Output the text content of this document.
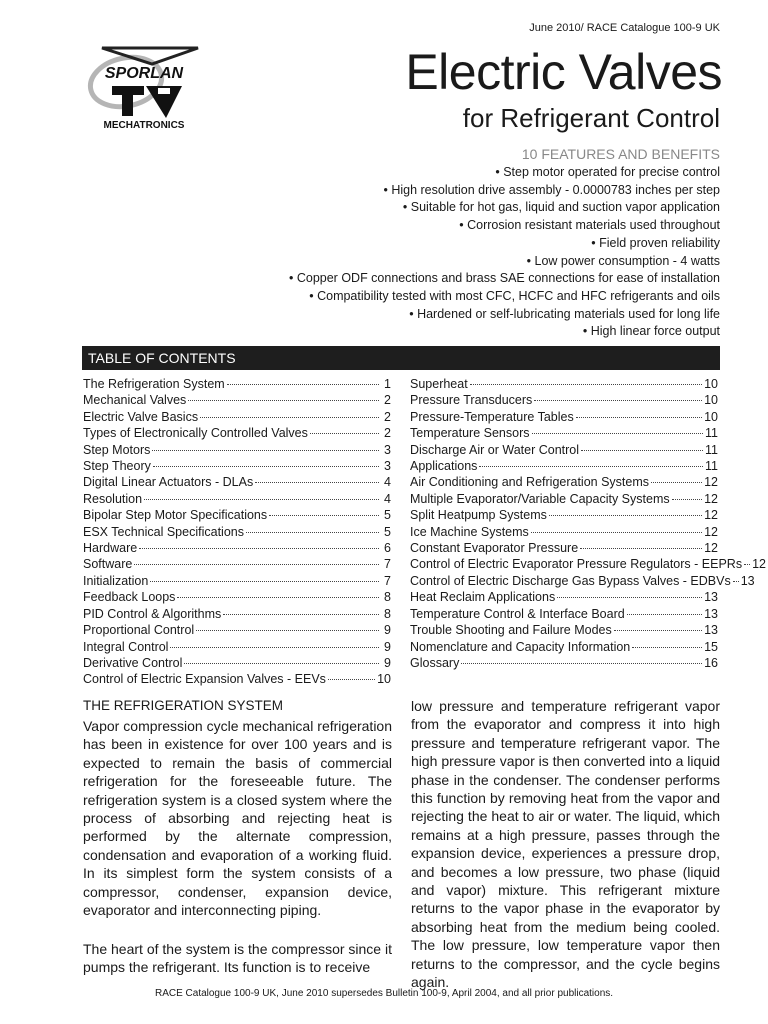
June 2010/ RACE Catalogue 100-9 UK
SPORLAN
MECHATRONICS
Electric Valves
for Refrigerant Control
10 FEATURES AND BENEFITS
• Step motor operated for precise control
• High resolution drive assembly - 0.0000783 inches per step
• Suitable for hot gas, liquid and suction vapor application
• Corrosion resistant materials used throughout
• Field proven reliability
• Low power consumption - 4 watts
• Copper ODF connections and brass SAE connections for ease of installation
• Compatibility tested with most CFC, HCFC and HFC refrigerants and oils
• Hardened or self-lubricating materials used for long life
• High linear force output
TABLE OF CONTENTS
The Refrigeration System	1
Mechanical Valves	2
Electric Valve Basics	2
Types of Electronically Controlled Valves	2
Step Motors	3
Step Theory	3
Digital Linear Actuators - DLAs	4
Resolution	4
Bipolar Step Motor Specifications	5
ESX Technical Specifications	5
Hardware	6
Software	7
Initialization	7
Feedback Loops	8
PID Control & Algorithms	8
Proportional Control	9
Integral Control	9
Derivative Control	9
Control of Electric Expansion Valves - EEVs	10
Superheat	10
Pressure Transducers	10
Pressure-Temperature Tables	10
Temperature Sensors	11
Discharge Air or Water Control	11
Applications	11
Air Conditioning and Refrigeration Systems	12
Multiple Evaporator/Variable Capacity Systems	12
Split Heatpump Systems	12
Ice Machine Systems	12
Constant Evaporator Pressure	12
Control of Electric Evaporator Pressure Regulators - EEPRs 12
Control of Electric Discharge Gas Bypass Valves - EDBVs 13
Heat Reclaim Applications	13
Temperature Control & Interface Board	13
Trouble Shooting and Failure Modes	13
Nomenclature and Capacity Information	15
Glossary	16
THE REFRIGERATION SYSTEM

Vapor compression cycle mechanical refrigeration has been in existence for over 100 years and is expected to remain the basis of commercial refrigeration for the foreseeable future. The refrigeration system is a closed system where the process of absorbing and rejecting heat is performed by the alternate compression, condensation and evaporation of a working fluid. In its simplest form the system consists of a compressor, condenser, expansion device, evaporator and interconnecting piping.

The heart of the system is the compressor since it pumps the refrigerant. Its function is to receive

low pressure and temperature refrigerant vapor from the evaporator and compress it into high pressure and temperature refrigerant vapor. The high pressure vapor is then converted into a liquid phase in the condenser. The condenser performs this function by removing heat from the vapor and rejecting the heat to air or water. The liquid, which remains at a high pressure, passes through the expansion device, experiences a pressure drop, and becomes a low pressure, two phase (liquid and vapor) mixture. This refrigerant mixture returns to the vapor phase in the evaporator by absorbing heat from the medium being cooled. The low pressure, low temperature vapor then returns to the compressor, and the cycle begins again.

RACE Catalogue 100-9 UK, June 2010 supersedes Bulletin 100-9, April 2004, and all prior publications.
